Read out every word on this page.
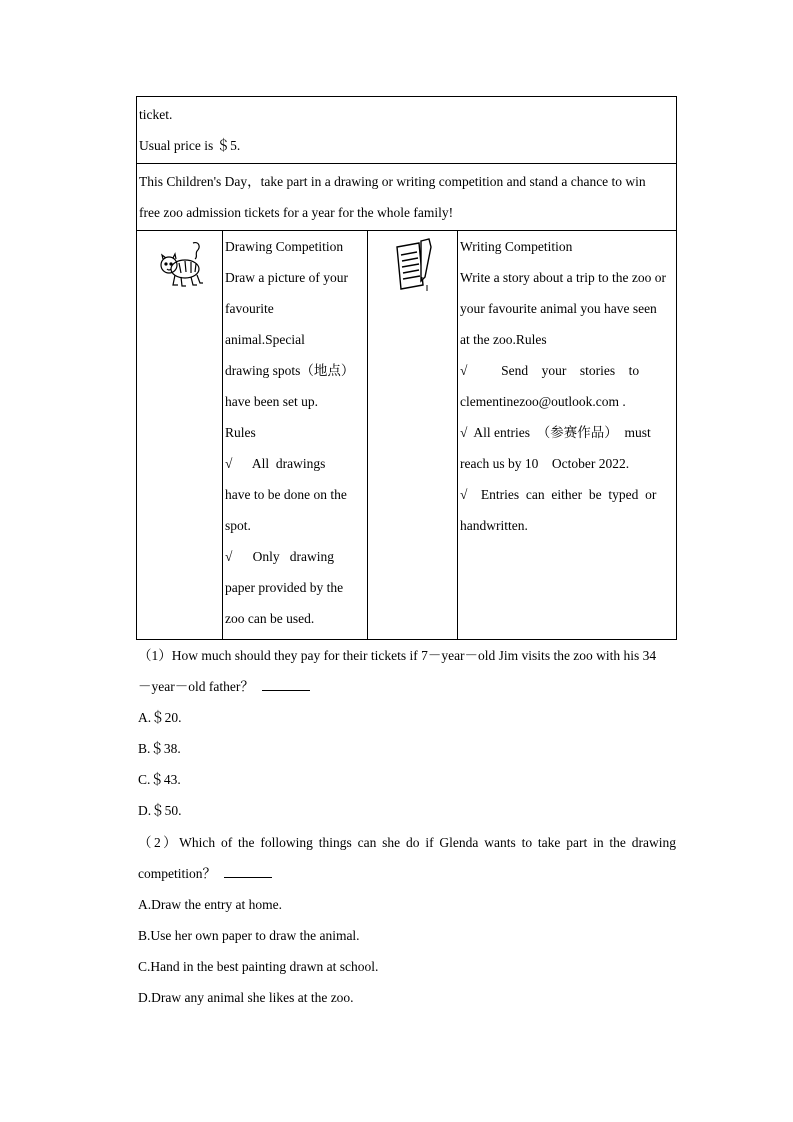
ticket.
Usual price is ＄5.

This Children's Day，take part in a drawing or writing competition and stand a chance to win
free zoo admission tickets for a year for the whole family!

Drawing Competition
Draw a picture of your
favourite
animal.Special
drawing spots（地点）
have been set up.
Rules
√      All  drawings
have to be done on the
spot.
√      Only   drawing
paper provided by the
zoo can be used.

Writing Competition
Write a story about a trip to the zoo or
your favourite animal you have seen
at the zoo.Rules
√          Send    your    stories    to
clementinezoo@outlook.com .
√  All entries  （参赛作品）  must
reach us by 10    October 2022.
√    Entries  can  either  be  typed  or
handwritten.
（1）How much should they pay for their tickets if 7－year－old Jim visits the zoo with his 34
－year－old father？
A.＄20.
B.＄38.
C.＄43.
D.＄50.
（2）Which of the following things can she do if Glenda wants to take part in the drawing
competition？
A.Draw the entry at home.
B.Use her own paper to draw the animal.
C.Hand in the best painting drawn at school.
D.Draw any animal she likes at the zoo.
